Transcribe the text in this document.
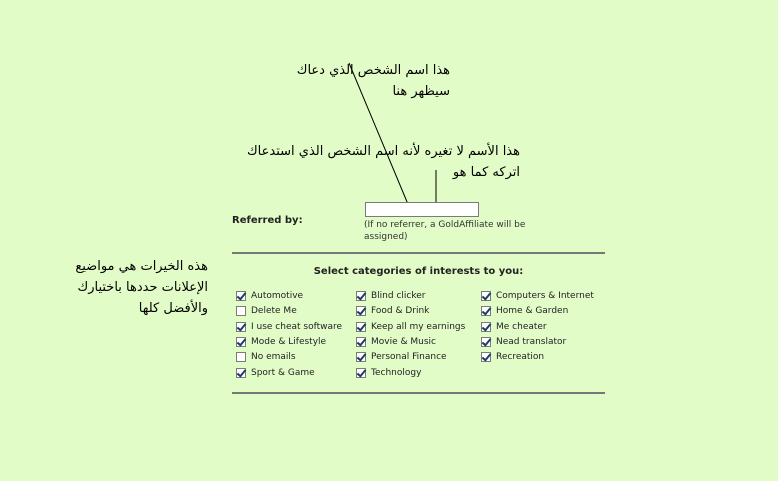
هذا اسم الشخص الذي دعاك
سيظهر هنا
هذا الأسم لا تغيره لأنه اسم الشخص الذي استدعاك
اتركه كما هو
هذه الخيرات هي مواضيع
الإعلانات حددها باختيارك
والأفضل كلها
Referred by:	(If no referrer, a GoldAffiliate will be
assigned)
Select categories of interests to you:
Automotive
Delete Me
I use cheat software
Mode & Lifestyle
No emails
Sport & Game
Blind clicker
Food & Drink
Keep all my earnings
Movie & Music
Personal Finance
Technology
Computers & Internet
Home & Garden
Me cheater
Nead translator
Recreation
